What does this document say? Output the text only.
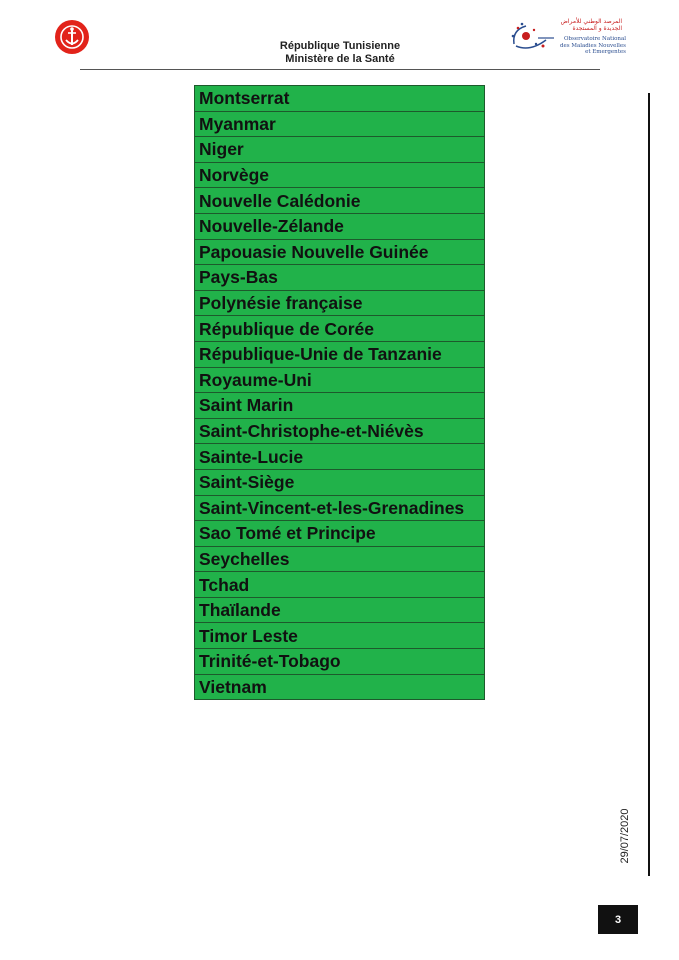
République Tunisienne
Ministère de la Santé
المرصد الوطني للأمراض الجديدة و المستجدة
Observatoire National des Maladies Nouvelles et Emergentes
Montserrat
Myanmar
Niger
Norvège
Nouvelle Calédonie
Nouvelle-Zélande
Papouasie Nouvelle Guinée
Pays-Bas
Polynésie française
République de Corée
République-Unie de Tanzanie
Royaume-Uni
Saint Marin
Saint-Christophe-et-Niévès
Sainte-Lucie
Saint-Siège
Saint-Vincent-et-les-Grenadines
Sao Tomé et Principe
Seychelles
Tchad
Thaïlande
Timor Leste
Trinité-et-Tobago
Vietnam
29/07/2020
3
